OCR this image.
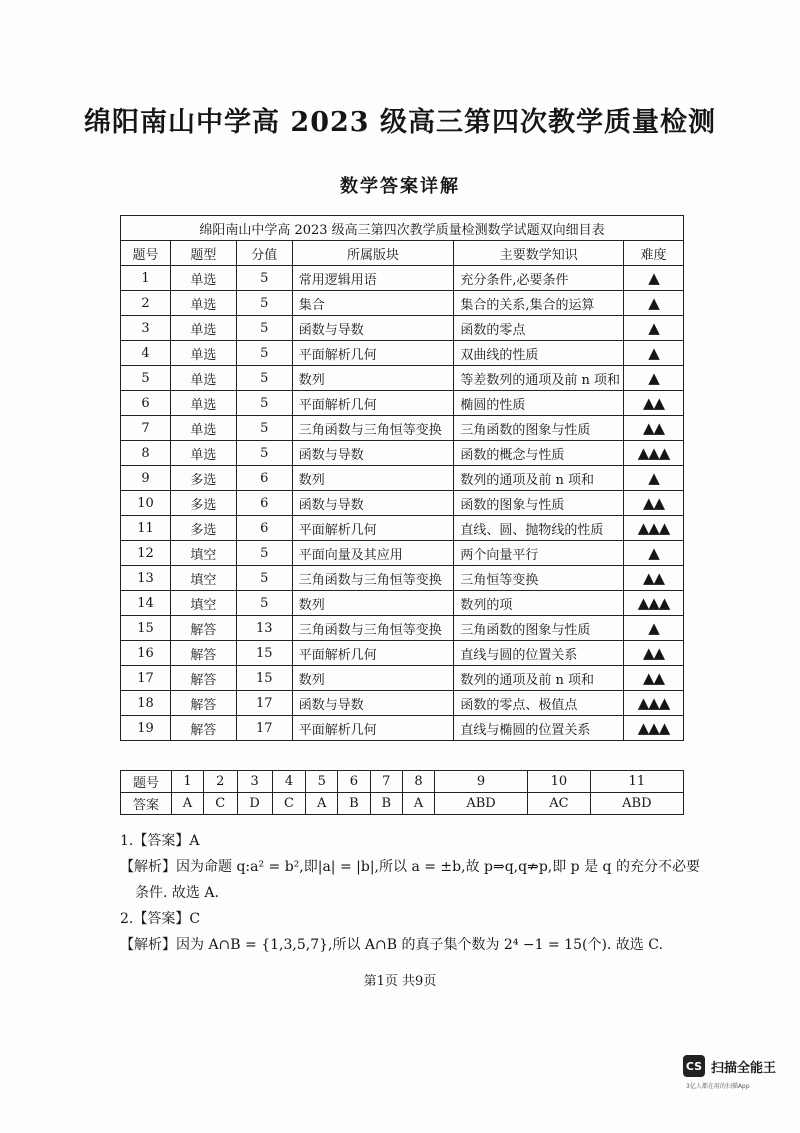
绵阳南山中学高 2023 级高三第四次教学质量检测
数学答案详解
绵阳南山中学高 2023 级高三第四次教学质量检测数学试题双向细目表					
题号	题型	分值	所属版块	主要数学知识	难度
1	单选	5	常用逻辑用语	充分条件,必要条件	▲
2	单选	5	集合	集合的关系,集合的运算	▲
3	单选	5	函数与导数	函数的零点	▲
4	单选	5	平面解析几何	双曲线的性质	▲
5	单选	5	数列	等差数列的通项及前 n 项和	▲
6	单选	5	平面解析几何	椭圆的性质	▲▲
7	单选	5	三角函数与三角恒等变换	三角函数的图象与性质	▲▲
8	单选	5	函数与导数	函数的概念与性质	▲▲▲
9	多选	6	数列	数列的通项及前 n 项和	▲
10	多选	6	函数与导数	函数的图象与性质	▲▲
11	多选	6	平面解析几何	直线、圆、抛物线的性质	▲▲▲
12	填空	5	平面向量及其应用	两个向量平行	▲
13	填空	5	三角函数与三角恒等变换	三角恒等变换	▲▲
14	填空	5	数列	数列的项	▲▲▲
15	解答	13	三角函数与三角恒等变换	三角函数的图象与性质	▲
16	解答	15	平面解析几何	直线与圆的位置关系	▲▲
17	解答	15	数列	数列的通项及前 n 项和	▲▲
18	解答	17	函数与导数	函数的零点、极值点	▲▲▲
19	解答	17	平面解析几何	直线与椭圆的位置关系	▲▲▲
题号	1	2	3	4	5	6	7	8	9	10	11
答案	A	C	D	C	A	B	B	A	ABD	AC	ABD
1.【答案】A
【解析】因为命题 q:a² = b²,即|a| = |b|,所以 a = ±b,故 p⇒q,q⇏p,即 p 是 q 的充分不必要
条件. 故选 A.
2.【答案】C
【解析】因为 A∩B = {1,3,5,7},所以 A∩B 的真子集个数为 2⁴ −1 = 15(个). 故选 C.
第1页 共9页
CS 扫描全能王
3亿人都在用的扫描App
